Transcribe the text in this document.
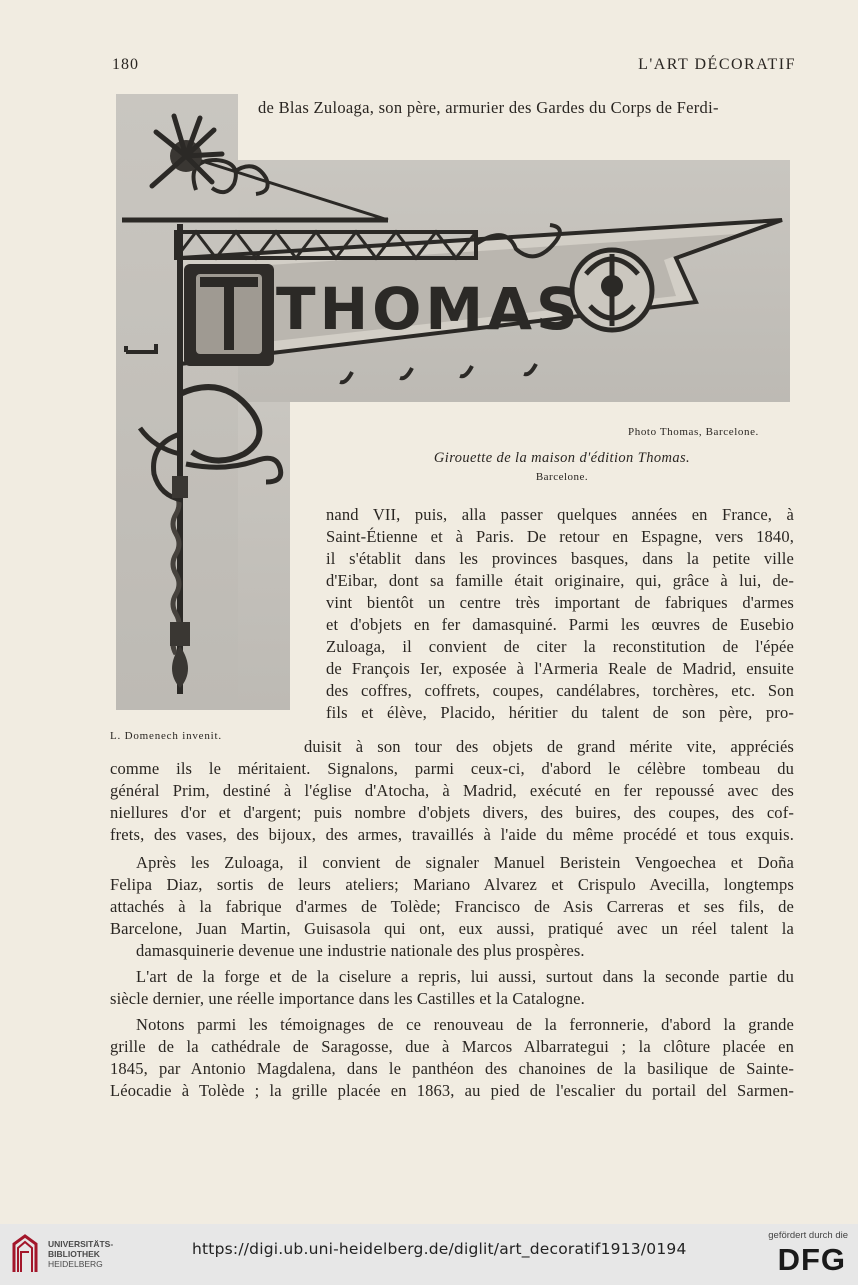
180	L'ART DÉCORATIF
THOMAS
de Blas Zuloaga, son père, armurier des Gardes du Corps de Ferdi-
Photo Thomas, Barcelone.
Girouette de la maison d'édition Thomas.
Barcelone.
L. Domenech invenit.
nand VII, puis, alla passer quelques années en France, à
Saint-Étienne et à Paris. De retour en Espagne, vers 1840,
il s'établit dans les provinces basques, dans la petite ville
d'Eibar, dont sa famille était originaire, qui, grâce à lui, de-
vint bientôt un centre très important de fabriques d'armes
et d'objets en fer damasquiné. Parmi les œuvres de Eusebio
Zuloaga, il convient de citer la reconstitution de l'épée
de François Ier, exposée à l'Armeria Reale de Madrid, ensuite
des coffres, coffrets, coupes, candélabres, torchères, etc. Son
fils et élève, Placido, héritier du talent de son père, pro-
duisit à son tour des objets de grand mérite vite, appréciés
comme ils le méritaient. Signalons, parmi ceux-ci, d'abord le célèbre tombeau du
général Prim, destiné à l'église d'Atocha, à Madrid, exécuté en fer repoussé avec des
niellures d'or et d'argent; puis nombre d'objets divers, des buires, des coupes, des cof-
frets, des vases, des bijoux, des armes, travaillés à l'aide du même procédé et tous exquis.
Après les Zuloaga, il convient de signaler Manuel Beristein Vengoechea et Doña
Felipa Diaz, sortis de leurs ateliers; Mariano Alvarez et Crispulo Avecilla, longtemps
attachés à la fabrique d'armes de Tolède; Francisco de Asis Carreras et ses fils, de
Barcelone, Juan Martin, Guisasola qui ont, eux aussi, pratiqué avec un réel talent la
damasquinerie devenue une industrie nationale des plus prospères.
L'art de la forge et de la ciselure a repris, lui aussi, surtout dans la seconde partie du
siècle dernier, une réelle importance dans les Castilles et la Catalogne.
Notons parmi les témoignages de ce renouveau de la ferronnerie, d'abord la grande
grille de la cathédrale de Saragosse, due à Marcos Albarrategui ; la clôture placée en
1845, par Antonio Magdalena, dans le panthéon des chanoines de la basilique de Sainte-
Léocadie à Tolède ; la grille placée en 1863, au pied de l'escalier du portail del Sarmen-
UNIVERSITÄTS-
BIBLIOTHEK
HEIDELBERG
https://digi.ub.uni-heidelberg.de/diglit/art_decoratif1913/0194
gefördert durch die
DFG
